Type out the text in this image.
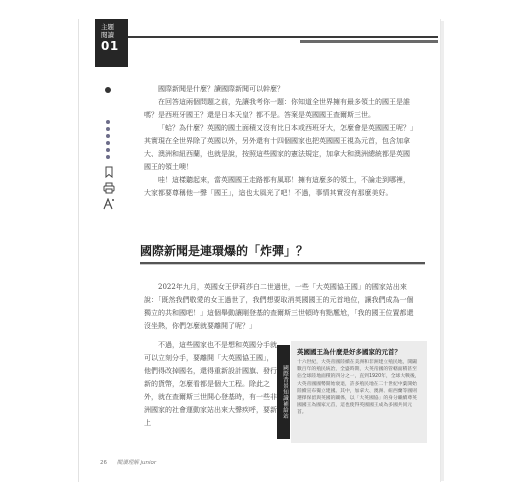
主題
閱讀
01

國際新聞是什麼？讀國際新聞可以幹麼？

在回答這兩個問題之前，先讓我考你一題：你知道全世界擁有最多領土的國王是誰嗎？是西班牙國王？還是日本天皇？都不是。答案是英國國王查爾斯三世。

「蛤？為什麼？英國的國土面積又沒有比日本或西班牙大，怎麼會是英國國王呢？」其實現在全世界除了英國以外，另外還有十四個國家也把英國國王視為元首，包含加拿大、澳洲和紐西蘭，也就是說，按照這些國家的憲法規定，加拿大和澳洲總統都是英國國王的領土噢！

哇！這樣聽起來，當英國國王走路都有風耶！擁有這麼多的領土，不論走到哪裡，大家都要尊稱他一聲「國王」，這也太風光了吧！不過，事情其實沒有那麼美好。

國際新聞是連環爆的「炸彈」？

2022年九月，英國女王伊莉莎白二世過世，一些「大英國協王國」的國家站出來說：「既然我們敬愛的女王過世了，我們想要取消英國國王的元首地位，讓我們成為一個獨立的共和國吧！」這個舉動讓剛登基的查爾斯三世頓時有點尷尬，「我的國王位置都還沒坐熱，你們怎麼就要離開了呢？」

不過，這些國家也不是想和英國分手就可以立刻分手，要離開「大英國協王國」，他們得改掉國名，還得重新設計國旗、發行新的貨幣，怎麼看都是個大工程。除此之外，就在查爾斯三世開心登基時，有一些非洲國家的社會運動家站出來大聲疾呼，要新上

國際背景知識補給站
英國國王為什麼是好多國家的元首？
十六世紀，大英帝國陸續在美洲和非洲建立殖民地，開闢數百年的殖民統治，全盛時期，大英帝國的管轄面積甚至佔全球陸地面積的四分之一，直到1920年，全球大戰後，大英帝國國勢開始衰退，許多殖民地在二十世紀中葉開始陸續宣布獨立建國。其中，加拿大、澳洲、紐西蘭等國則選擇保留與英國的關係，以「大英國協」的身分繼續尊英國國王為國家元首，這也使得英國國王成為多國共同元首。
26 閱讀理解 junior
